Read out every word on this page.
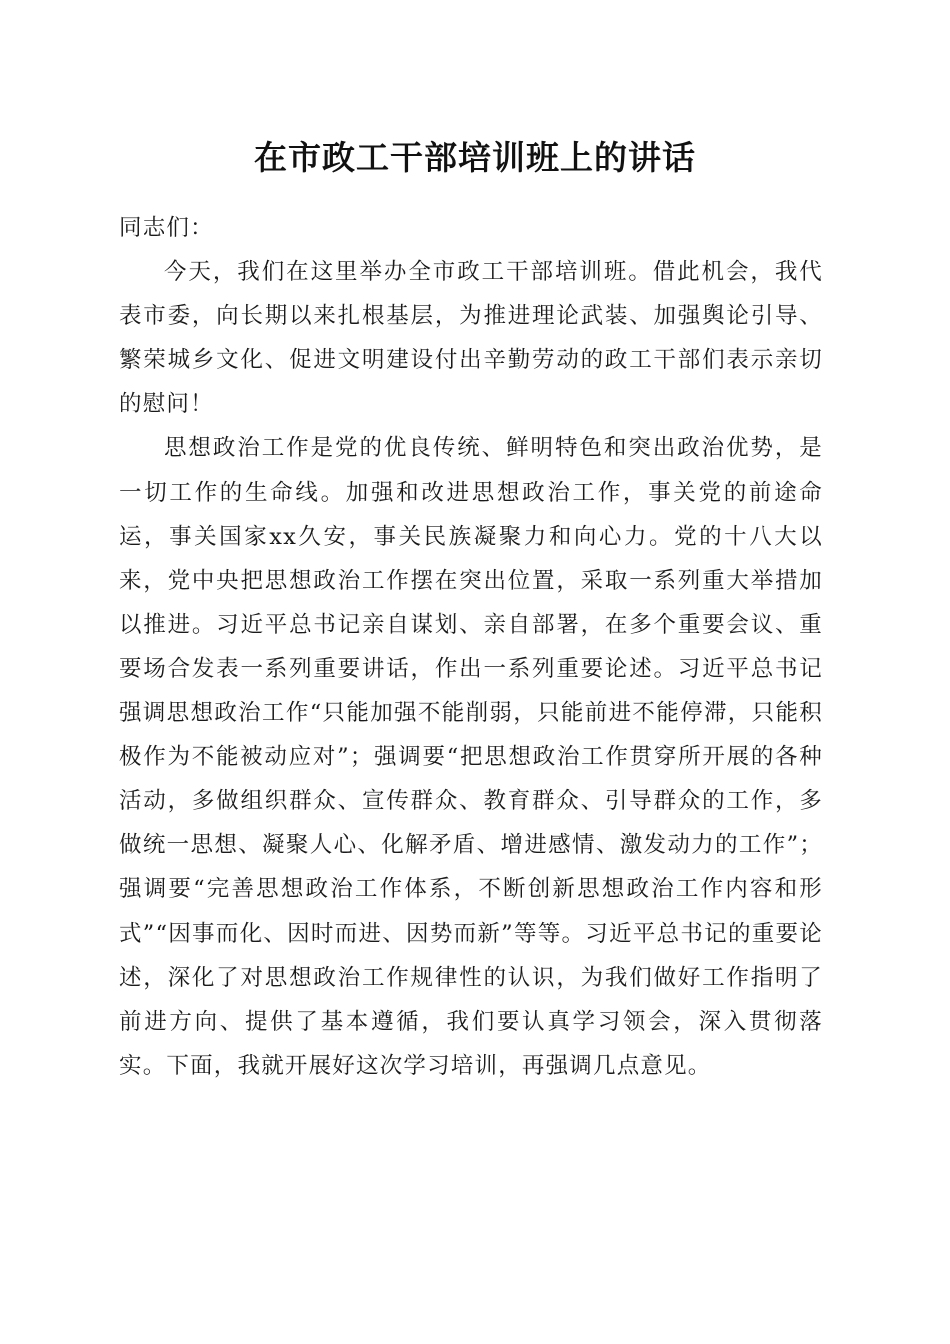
在市政工干部培训班上的讲话

同志们：

今天，我们在这里举办全市政工干部培训班。借此机会，我代表市委，向长期以来扎根基层，为推进理论武装、加强舆论引导、繁荣城乡文化、促进文明建设付出辛勤劳动的政工干部们表示亲切的慰问！

思想政治工作是党的优良传统、鲜明特色和突出政治优势，是一切工作的生命线。加强和改进思想政治工作，事关党的前途命运，事关国家xx久安，事关民族凝聚力和向心力。党的十八大以来，党中央把思想政治工作摆在突出位置，采取一系列重大举措加以推进。习近平总书记亲自谋划、亲自部署，在多个重要会议、重要场合发表一系列重要讲话，作出一系列重要论述。习近平总书记强调思想政治工作“只能加强不能削弱，只能前进不能停滞，只能积极作为不能被动应对”；强调要“把思想政治工作贯穿所开展的各种活动，多做组织群众、宣传群众、教育群众、引导群众的工作，多做统一思想、凝聚人心、化解矛盾、增进感情、激发动力的工作”；强调要“完善思想政治工作体系，不断创新思想政治工作内容和形式”“因事而化、因时而进、因势而新”等等。习近平总书记的重要论述，深化了对思想政治工作规律性的认识，为我们做好工作指明了前进方向、提供了基本遵循，我们要认真学习领会，深入贯彻落实。下面，我就开展好这次学习培训，再强调几点意见。
